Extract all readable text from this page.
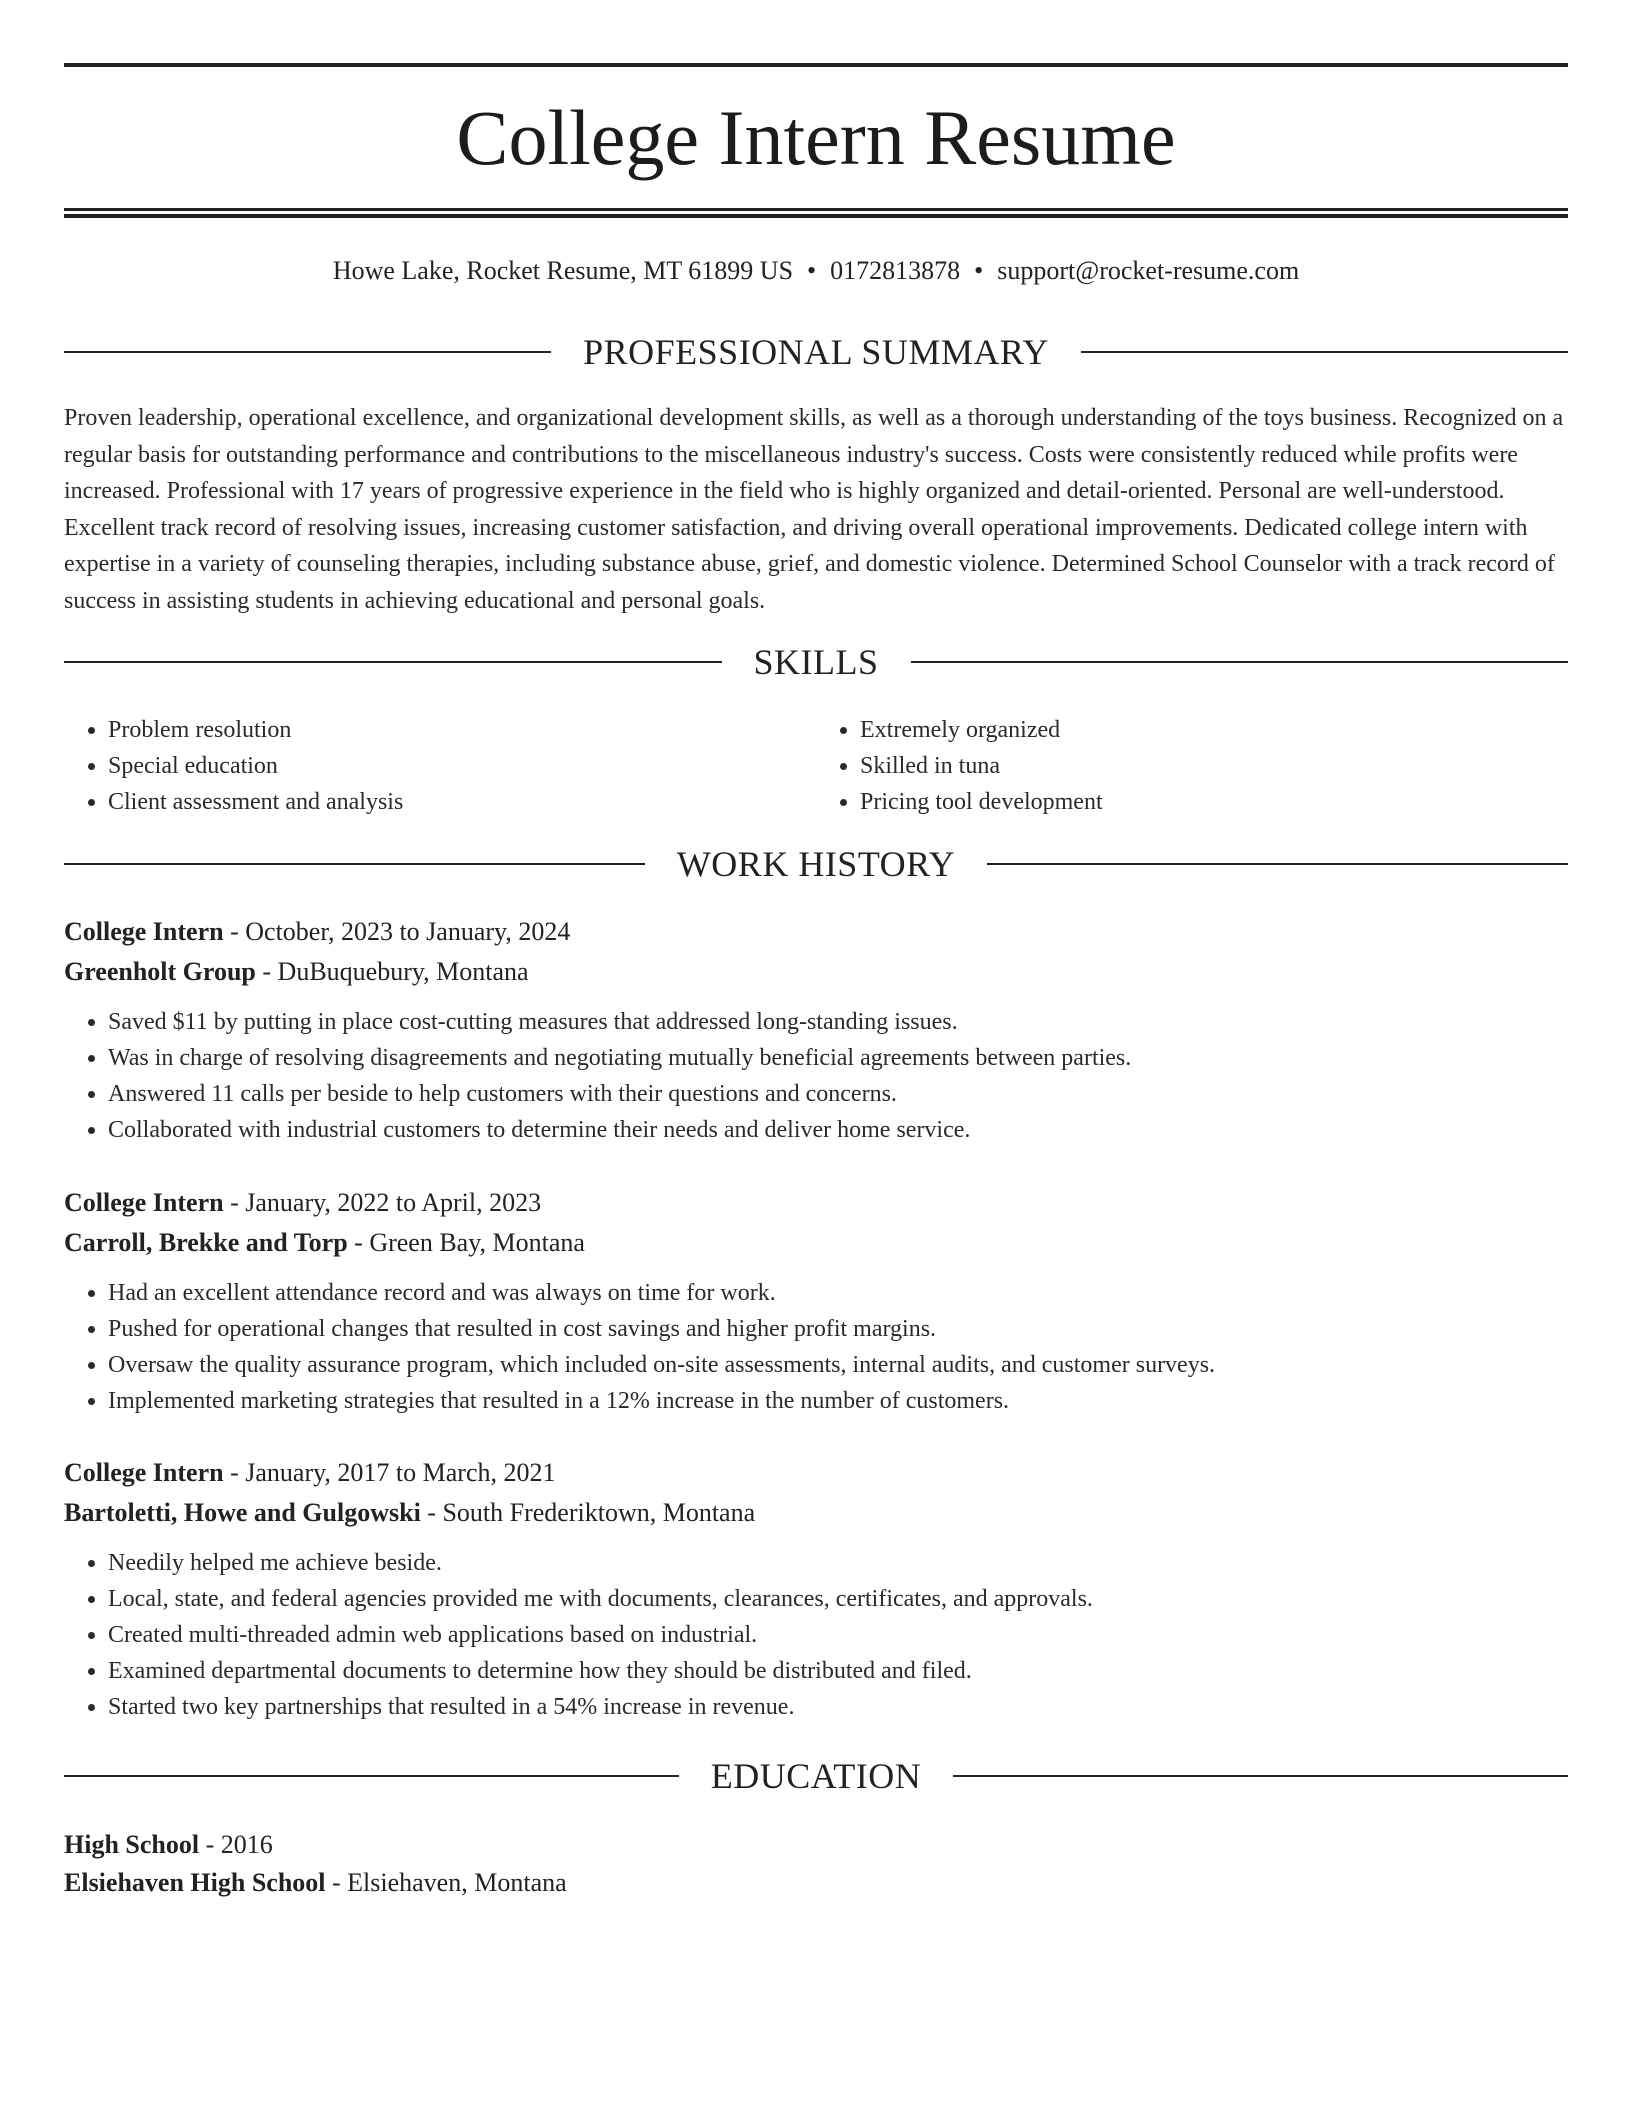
College Intern Resume
Howe Lake, Rocket Resume, MT 61899 US • 0172813878 • support@rocket-resume.com
PROFESSIONAL SUMMARY

Proven leadership, operational excellence, and organizational development skills, as well as a thorough understanding of the toys business. Recognized on a regular basis for outstanding performance and contributions to the miscellaneous industry's success. Costs were consistently reduced while profits were increased. Professional with 17 years of progressive experience in the field who is highly organized and detail-oriented. Personal are well-understood. Excellent track record of resolving issues, increasing customer satisfaction, and driving overall operational improvements. Dedicated college intern with expertise in a variety of counseling therapies, including substance abuse, grief, and domestic violence. Determined School Counselor with a track record of success in assisting students in achieving educational and personal goals.

SKILLS
• Problem resolution
• Special education
• Client assessment and analysis
• Extremely organized
• Skilled in tuna
• Pricing tool development
WORK HISTORY
College Intern - October, 2023 to January, 2024
Greenholt Group - DuBuquebury, Montana
• Saved $11 by putting in place cost-cutting measures that addressed long-standing issues.
• Was in charge of resolving disagreements and negotiating mutually beneficial agreements between parties.
• Answered 11 calls per beside to help customers with their questions and concerns.
• Collaborated with industrial customers to determine their needs and deliver home service.
College Intern - January, 2022 to April, 2023
Carroll, Brekke and Torp - Green Bay, Montana
• Had an excellent attendance record and was always on time for work.
• Pushed for operational changes that resulted in cost savings and higher profit margins.
• Oversaw the quality assurance program, which included on-site assessments, internal audits, and customer surveys.
• Implemented marketing strategies that resulted in a 12% increase in the number of customers.
College Intern - January, 2017 to March, 2021
Bartoletti, Howe and Gulgowski - South Frederiktown, Montana
• Needily helped me achieve beside.
• Local, state, and federal agencies provided me with documents, clearances, certificates, and approvals.
• Created multi-threaded admin web applications based on industrial.
• Examined departmental documents to determine how they should be distributed and filed.
• Started two key partnerships that resulted in a 54% increase in revenue.
EDUCATION
High School - 2016
Elsiehaven High School - Elsiehaven, Montana
